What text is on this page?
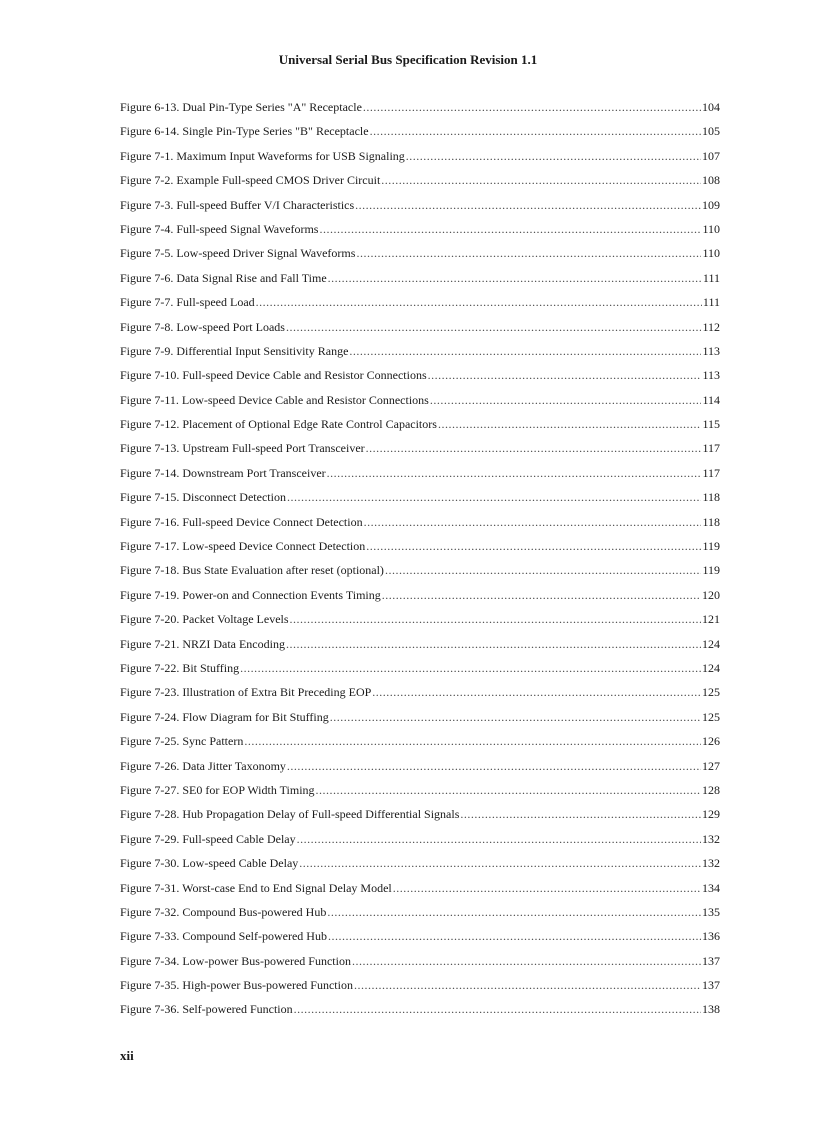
Universal Serial Bus Specification Revision 1.1
Figure 6-13. Dual Pin-Type Series "A" Receptacle .....	104
Figure 6-14. Single Pin-Type Series "B" Receptacle .....	105
Figure 7-1. Maximum Input Waveforms for USB Signaling .....	107
Figure 7-2. Example Full-speed CMOS Driver Circuit .....	108
Figure 7-3. Full-speed Buffer V/I Characteristics .....	109
Figure 7-4. Full-speed Signal Waveforms .....	110
Figure 7-5. Low-speed Driver Signal Waveforms .....	110
Figure 7-6. Data Signal Rise and Fall Time .....	111
Figure 7-7. Full-speed Load .....	111
Figure 7-8. Low-speed Port Loads .....	112
Figure 7-9. Differential Input Sensitivity Range .....	113
Figure 7-10. Full-speed Device Cable and Resistor Connections .....	113
Figure 7-11. Low-speed Device Cable and Resistor Connections .....	114
Figure 7-12. Placement of Optional Edge Rate Control Capacitors .....	115
Figure 7-13. Upstream Full-speed Port Transceiver .....	117
Figure 7-14. Downstream Port Transceiver .....	117
Figure 7-15. Disconnect Detection .....	118
Figure 7-16. Full-speed Device Connect Detection .....	118
Figure 7-17. Low-speed Device Connect Detection .....	119
Figure 7-18. Bus State Evaluation after reset (optional) .....	119
Figure 7-19. Power-on and Connection Events Timing .....	120
Figure 7-20. Packet Voltage Levels .....	121
Figure 7-21. NRZI Data Encoding .....	124
Figure 7-22. Bit Stuffing .....	124
Figure 7-23. Illustration of Extra Bit Preceding EOP .....	125
Figure 7-24. Flow Diagram for Bit Stuffing .....	125
Figure 7-25. Sync Pattern .....	126
Figure 7-26. Data Jitter Taxonomy .....	127
Figure 7-27. SE0 for EOP Width Timing .....	128
Figure 7-28. Hub Propagation Delay of Full-speed Differential Signals .....	129
Figure 7-29. Full-speed Cable Delay .....	132
Figure 7-30. Low-speed Cable Delay .....	132
Figure 7-31. Worst-case End to End Signal Delay Model .....	134
Figure 7-32. Compound Bus-powered Hub .....	135
Figure 7-33. Compound Self-powered Hub .....	136
Figure 7-34. Low-power Bus-powered Function .....	137
Figure 7-35. High-power Bus-powered Function .....	137
Figure 7-36. Self-powered Function .....	138
xii
